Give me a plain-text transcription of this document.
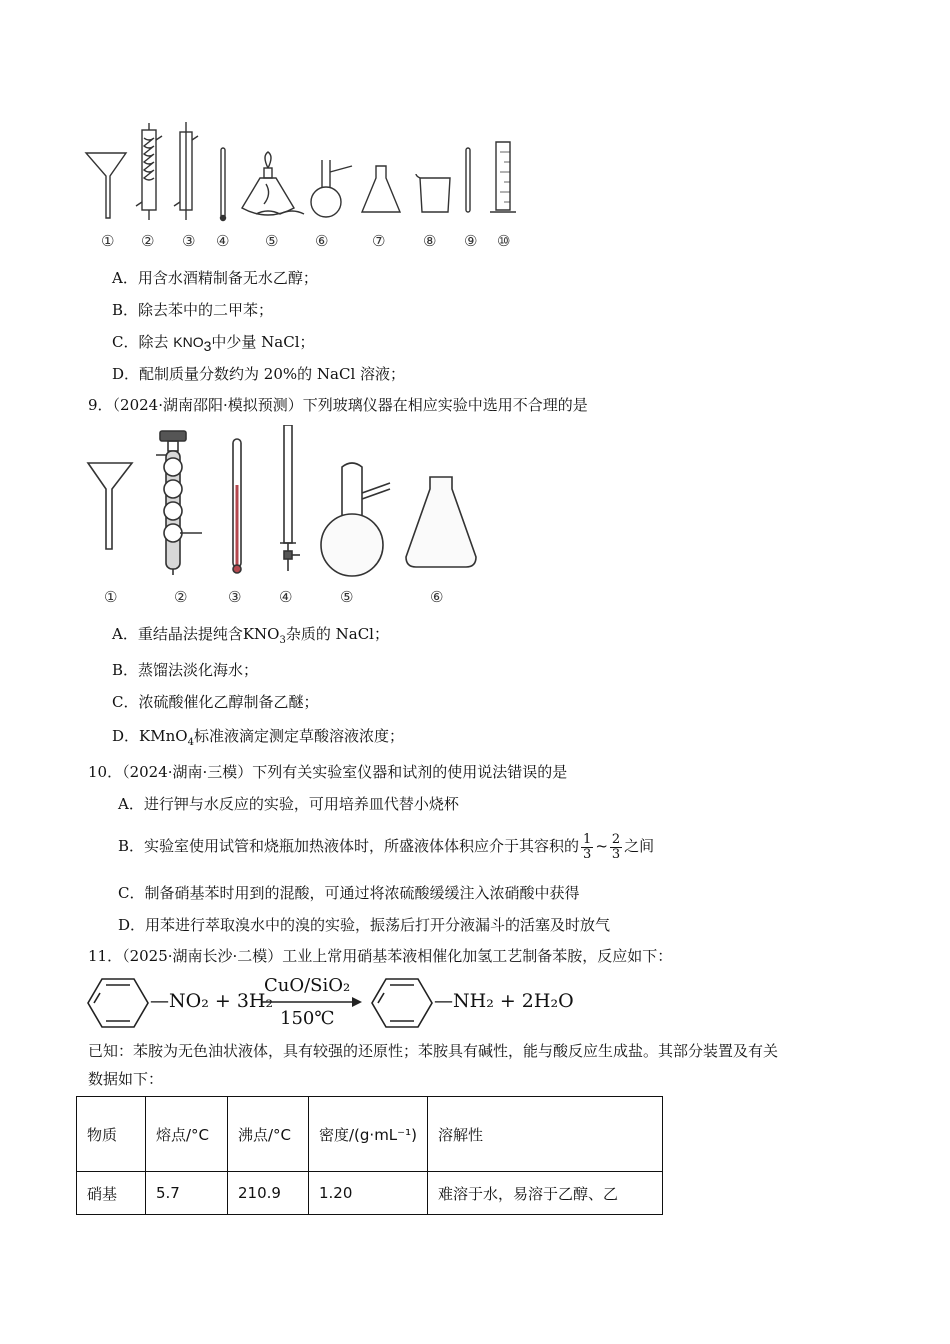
① ② ③ ④ ⑤ ⑥	⑦	⑧ ⑨ ⑩
A．用含水酒精制备无水乙醇；
B．除去苯中的二甲苯；
C．除去 $KNO_3$中少量 NaCl；
D．配制质量分数约为 20%的 NaCl 溶液；
9．（2024·湖南邵阳·模拟预测）下列玻璃仪器在相应实验中选用不合理的是
①	②	③	④	⑤	⑥
A．重结晶法提纯含$KNO_3$杂质的 NaCl；
B．蒸馏法淡化海水；
C．浓硫酸催化乙醇制备乙醚；
D．KMnO$_4$标准液滴定测定草酸溶液浓度；
10．（2024·湖南·三模）下列有关实验室仪器和试剂的使用说法错误的是
A．进行钾与水反应的实验，可用培养皿代替小烧杯
B．实验室使用试管和烧瓶加热液体时，所盛液体体积应介于其容积的 $\frac{1}{3}$ ~ $\frac{2}{3}$ 之间
C．制备硝基苯时用到的混酸，可通过将浓硫酸缓缓注入浓硝酸中获得
D．用苯进行萃取溴水中的溴的实验，振荡后打开分液漏斗的活塞及时放气
11．（2025·湖南长沙·二模）工业上常用硝基苯液相催化加氢工艺制备苯胺，反应如下：
—NO₂ + 3H₂
CuO/SiO₂
150℃
—NH₂ + 2H₂O
已知：苯胺为无色油状液体，具有较强的还原性；苯胺具有碱性，能与酸反应生成盐。其部分装置及有关
数据如下：
物质	熔点/°C	沸点/°C	密度/(g·mL⁻¹)	溶解性
硝基	5.7	210.9	1.20	难溶于水，易溶于乙醇、乙
